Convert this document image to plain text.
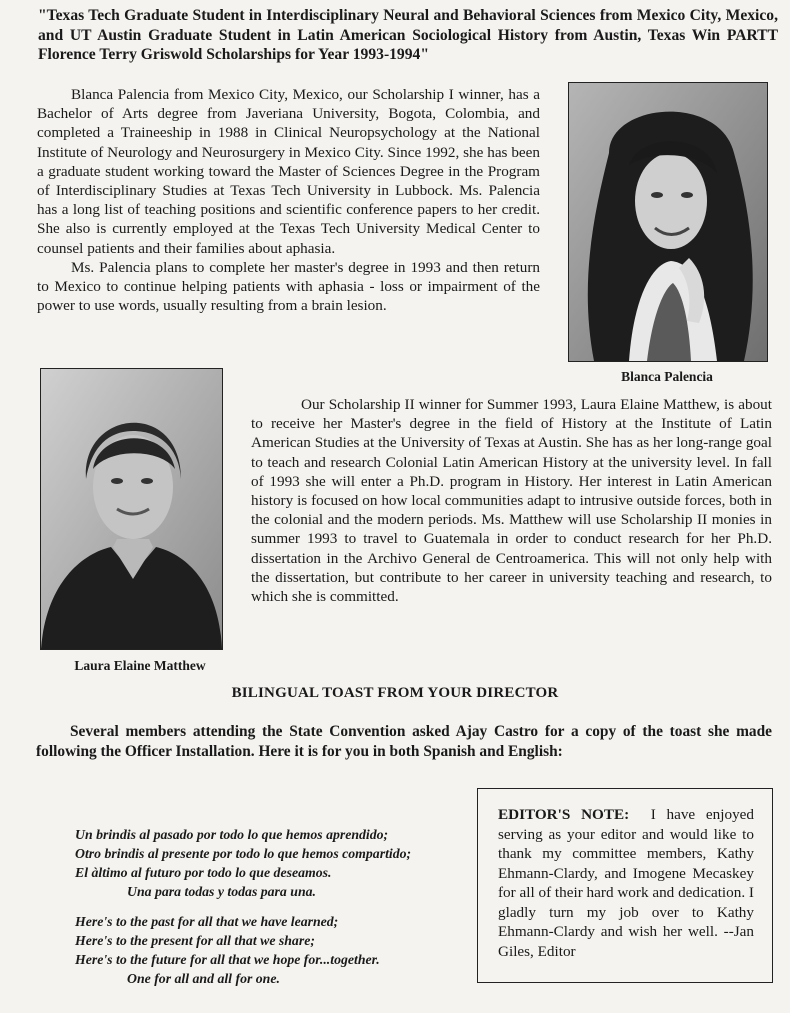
"Texas Tech Graduate Student in Interdisciplinary Neural and Behavioral Sciences from Mexico City, Mexico, and UT Austin Graduate Student in Latin American Sociological History from Austin, Texas Win PARTT Florence Terry Griswold Scholarships for Year 1993-1994"

Blanca Palencia from Mexico City, Mexico, our Scholarship I winner, has a Bachelor of Arts degree from Javeriana University, Bogota, Colombia, and completed a Traineeship in 1988 in Clinical Neuropsychology at the National Institute of Neurology and Neurosurgery in Mexico City. Since 1992, she has been a graduate student working toward the Master of Sciences Degree in the Program of Interdisciplinary Studies at Texas Tech University in Lubbock. Ms. Palencia has a long list of teaching positions and scientific conference papers to her credit. She also is currently employed at the Texas Tech University Medical Center to counsel patients and their families about aphasia.

Ms. Palencia plans to complete her master's degree in 1993 and then return to Mexico to continue helping patients with aphasia - loss or impairment of the power to use words, usually resulting from a brain lesion.

Blanca Palencia
Laura Elaine Matthew

Our Scholarship II winner for Summer 1993, Laura Elaine Matthew, is about to receive her Master's degree in the field of History at the Institute of Latin American Studies at the University of Texas at Austin. She has as her long-range goal to teach and research Colonial Latin American History at the university level. In fall of 1993 she will enter a Ph.D. program in History. Her interest in Latin American history is focused on how local communities adapt to intrusive outside forces, both in the colonial and the modern periods. Ms. Matthew will use Scholarship II monies in summer 1993 to travel to Guatemala in order to conduct research for her Ph.D. dissertation in the Archivo General de Centroamerica. This will not only help with the dissertation, but contribute to her career in university teaching and research, to which she is committed.

BILINGUAL TOAST FROM YOUR DIRECTOR
Several members attending the State Convention asked Ajay Castro for a copy of the toast she made following the Officer Installation. Here it is for you in both Spanish and English:
Un brindis al pasado por todo lo que hemos aprendido;
Otro brindis al presente por todo lo que hemos compartido;
El àltimo al futuro por todo lo que deseamos.
Una para todas y todas para una.
Here's to the past for all that we have learned;
Here's to the present for all that we share;
Here's to the future for all that we hope for...together.
One for all and all for one.
EDITOR'S NOTE: I have enjoyed serving as your editor and would like to thank my committee members, Kathy Ehmann-Clardy, and Imogene Mecaskey for all of their hard work and dedication. I gladly turn my job over to Kathy Ehmann-Clardy and wish her well. --Jan Giles, Editor
